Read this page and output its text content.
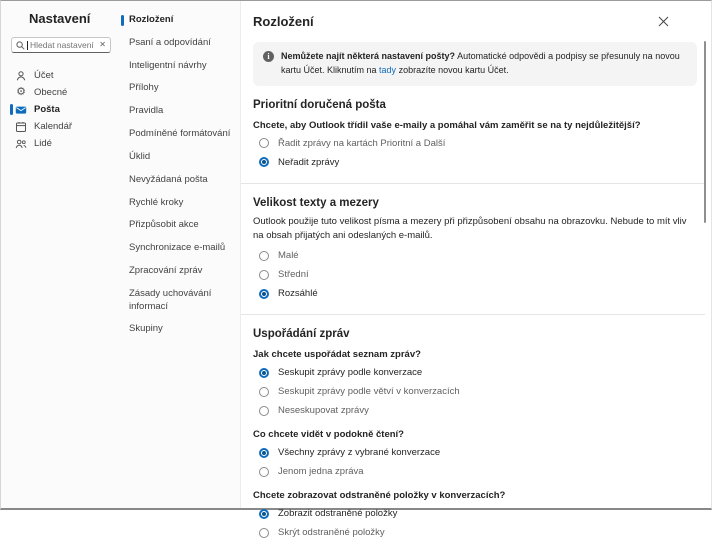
Nastavení
Hledat nastavení ✕
Účet
⚙ Obecné
Pošta
Kalendář
Lidé
Rozložení
Psaní a odpovídání
Inteligentní návrhy
Přílohy
Pravidla
Podmíněné formátování
Úklid
Nevyžádaná pošta
Rychlé kroky
Přizpůsobit akce
Synchronizace e-mailů
Zpracování zpráv
Zásady uchovávání informací
Skupiny
Rozložení
i	Nemůžete najít některá nastavení pošty? Automatické odpovědi a podpisy se přesunuly na novou kartu Účet. Kliknutím na tady zobrazíte novou kartu Účet.
Prioritní doručená pošta
Chcete, aby Outlook třídil vaše e-maily a pomáhal vám zaměřit se na ty nejdůležitější?
Řadit zprávy na kartách Prioritní a Další
Neřadit zprávy
Velikost texty a mezery
Outlook použije tuto velikost písma a mezery při přizpůsobení obsahu na obrazovku. Nebude to mít vliv na obsah přijatých ani odeslaných e-mailů.
Malé
Střední
Rozsáhlé
Uspořádání zpráv
Jak chcete uspořádat seznam zpráv?
Seskupit zprávy podle konverzace
Seskupit zprávy podle větví v konverzacích
Neseskupovat zprávy
Co chcete vidět v podokně čtení?
Všechny zprávy z vybrané konverzace
Jenom jedna zpráva
Chcete zobrazovat odstraněné položky v konverzacích?
Zobrazit odstraněné položky
Skrýt odstraněné položky
